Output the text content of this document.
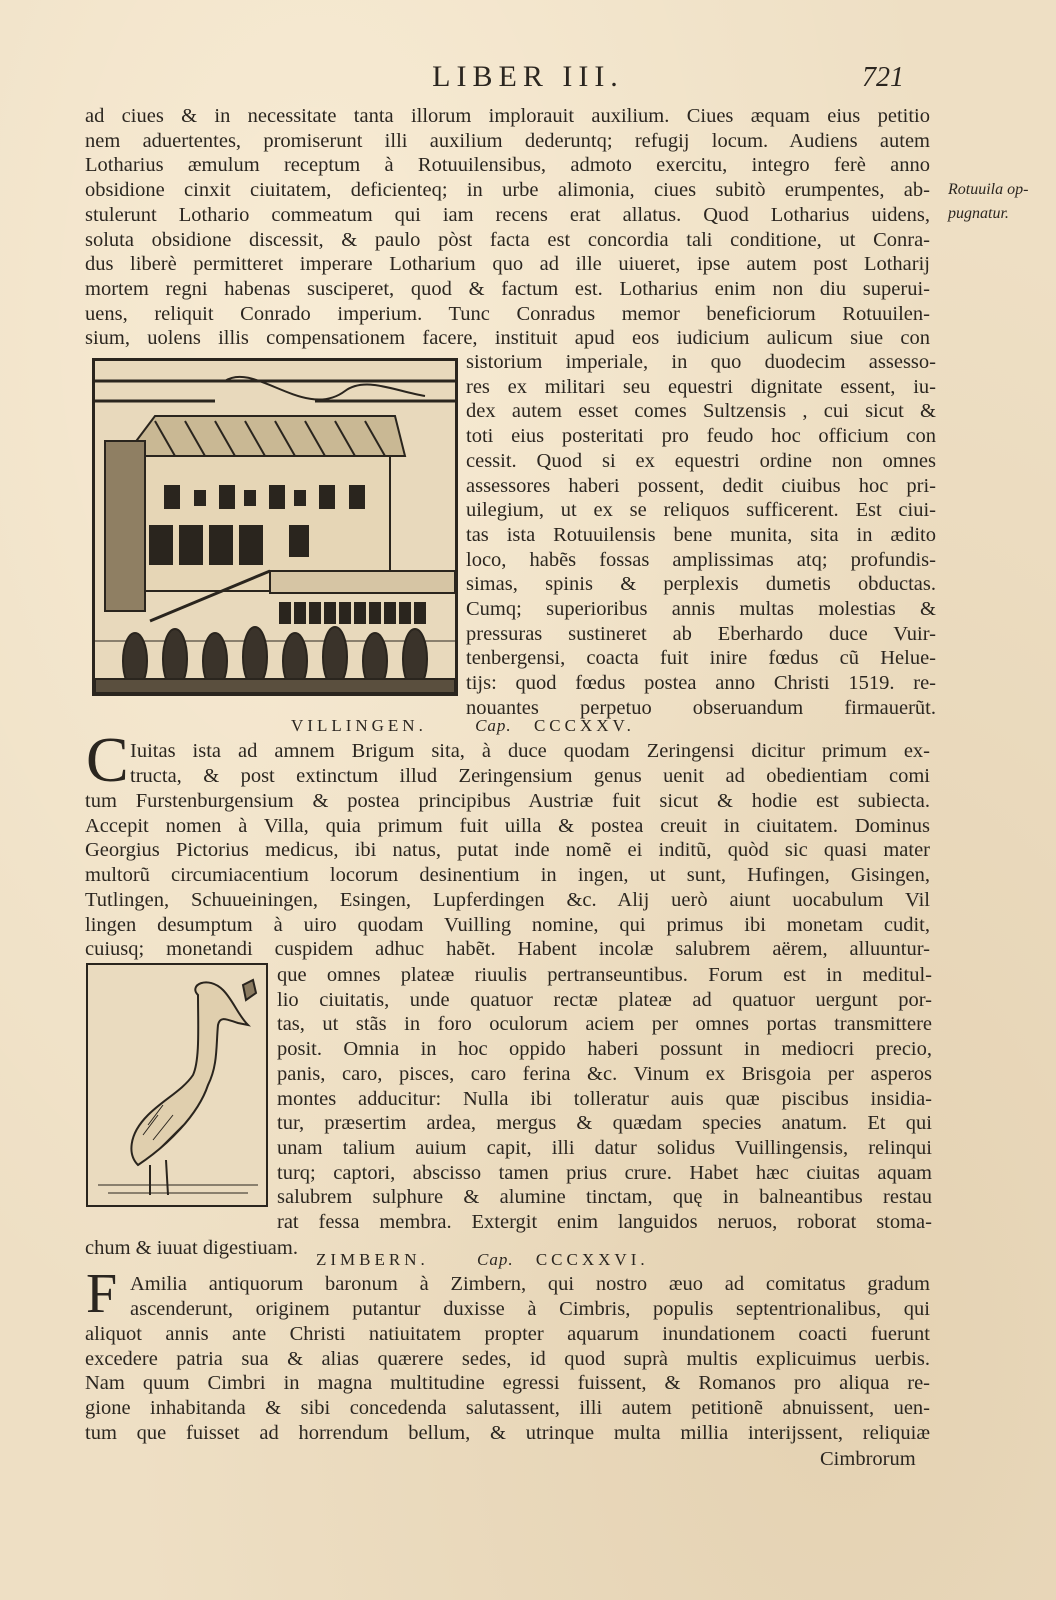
LIBER III.	721
Rotuuila op-
pugnatur.
ad ciues & in necessitate tanta illorum implorauit auxilium. Ciues æquam eius petitio
nem aduertentes, promiserunt illi auxilium dederuntq; refugij locum. Audiens autem
Lotharius æmulum receptum à Rotuuilensibus, admoto exercitu, integro ferè anno
obsidione cinxit ciuitatem, deficienteq; in urbe alimonia, ciues subitò erumpentes, ab-
stulerunt Lothario commeatum qui iam recens erat allatus. Quod Lotharius uidens,
soluta obsidione discessit, & paulo pòst facta est concordia tali conditione, ut Conra-
dus liberè permitteret imperare Lotharium quo ad ille uiueret, ipse autem post Lotharij
mortem regni habenas susciperet, quod & factum est. Lotharius enim non diu superui-
uens, reliquit Conrado imperium. Tunc Conradus memor beneficiorum Rotuuilen-
sium, uolens illis compensationem facere, instituit apud eos iudicium aulicum siue con
sistorium imperiale, in quo duodecim assesso-
res ex militari seu equestri dignitate essent, iu-
dex autem esset comes Sultzensis , cui sicut &
toti eius posteritati pro feudo hoc officium con
cessit. Quod si ex equestri ordine non omnes
assessores haberi possent, dedit ciuibus hoc pri-
uilegium, ut ex se reliquos sufficerent. Est ciui-
tas ista Rotuuilensis bene munita, sita in ædito
loco, habẽs fossas amplissimas atq; profundis-
simas, spinis & perplexis dumetis obductas.
Cumq; superioribus annis multas molestias &
pressuras sustineret ab Eberhardo duce Vuir-
tenbergensi, coacta fuit inire fœdus cũ Helue-
tijs: quod fœdus postea anno Christi 1519. re-
nouantes perpetuo obseruandum firmauerũt.
VILLINGEN.	Cap. CCCXXV.
C Iuitas ista ad amnem Brigum sita, à duce quodam Zeringensi dicitur primum ex-
tructa, & post extinctum illud Zeringensium genus uenit ad obedientiam comi
tum Furstenburgensium & postea principibus Austriæ fuit sicut & hodie est subiecta.
Accepit nomen à Villa, quia primum fuit uilla & postea creuit in ciuitatem. Dominus
Georgius Pictorius medicus, ibi natus, putat inde nomẽ ei inditũ, quòd sic quasi mater
multorũ circumiacentium locorum desinentium in ingen, ut sunt, Hufingen, Gisingen,
Tutlingen, Schuueiningen, Esingen, Lupferdingen &c. Alij uerò aiunt uocabulum Vil
lingen desumptum à uiro quodam Vuilling nomine, qui primus ibi monetam cudit,
cuiusq; monetandi cuspidem adhuc habẽt. Habent incolæ salubrem aërem, alluuntur-
que omnes plateæ riuulis pertranseuntibus. Forum est in meditul-
lio ciuitatis, unde quatuor rectæ plateæ ad quatuor uergunt por-
tas, ut stãs in foro oculorum aciem per omnes portas transmittere
posit. Omnia in hoc oppido haberi possunt in mediocri precio,
panis, caro, pisces, caro ferina &c. Vinum ex Brisgoia per asperos
montes adducitur: Nulla ibi tolleratur auis quæ piscibus insidia-
tur, præsertim ardea, mergus & quædam species anatum. Et qui
unam talium auium capit, illi datur solidus Vuillingensis, relinqui
turq; captori, abscisso tamen prius crure. Habet hæc ciuitas aquam
salubrem sulphure & alumine tinctam, quę in balneantibus restau
rat fessa membra. Extergit enim languidos neruos, roborat stoma-
chum & iuuat digestiuam.
ZIMBERN.	Cap. CCCXXVI.
F Amilia antiquorum baronum à Zimbern, qui nostro æuo ad comitatus gradum
ascenderunt, originem putantur duxisse à Cimbris, populis septentrionalibus, qui
aliquot annis ante Christi natiuitatem propter aquarum inundationem coacti fuerunt
excedere patria sua & alias quærere sedes, id quod suprà multis explicuimus uerbis.
Nam quum Cimbri in magna multitudine egressi fuissent, & Romanos pro aliqua re-
gione inhabitanda & sibi concedenda salutassent, illi autem petitionẽ abnuissent, uen-
tum que fuisset ad horrendum bellum, & utrinque multa millia interijssent, reliquiæ
Cimbrorum
